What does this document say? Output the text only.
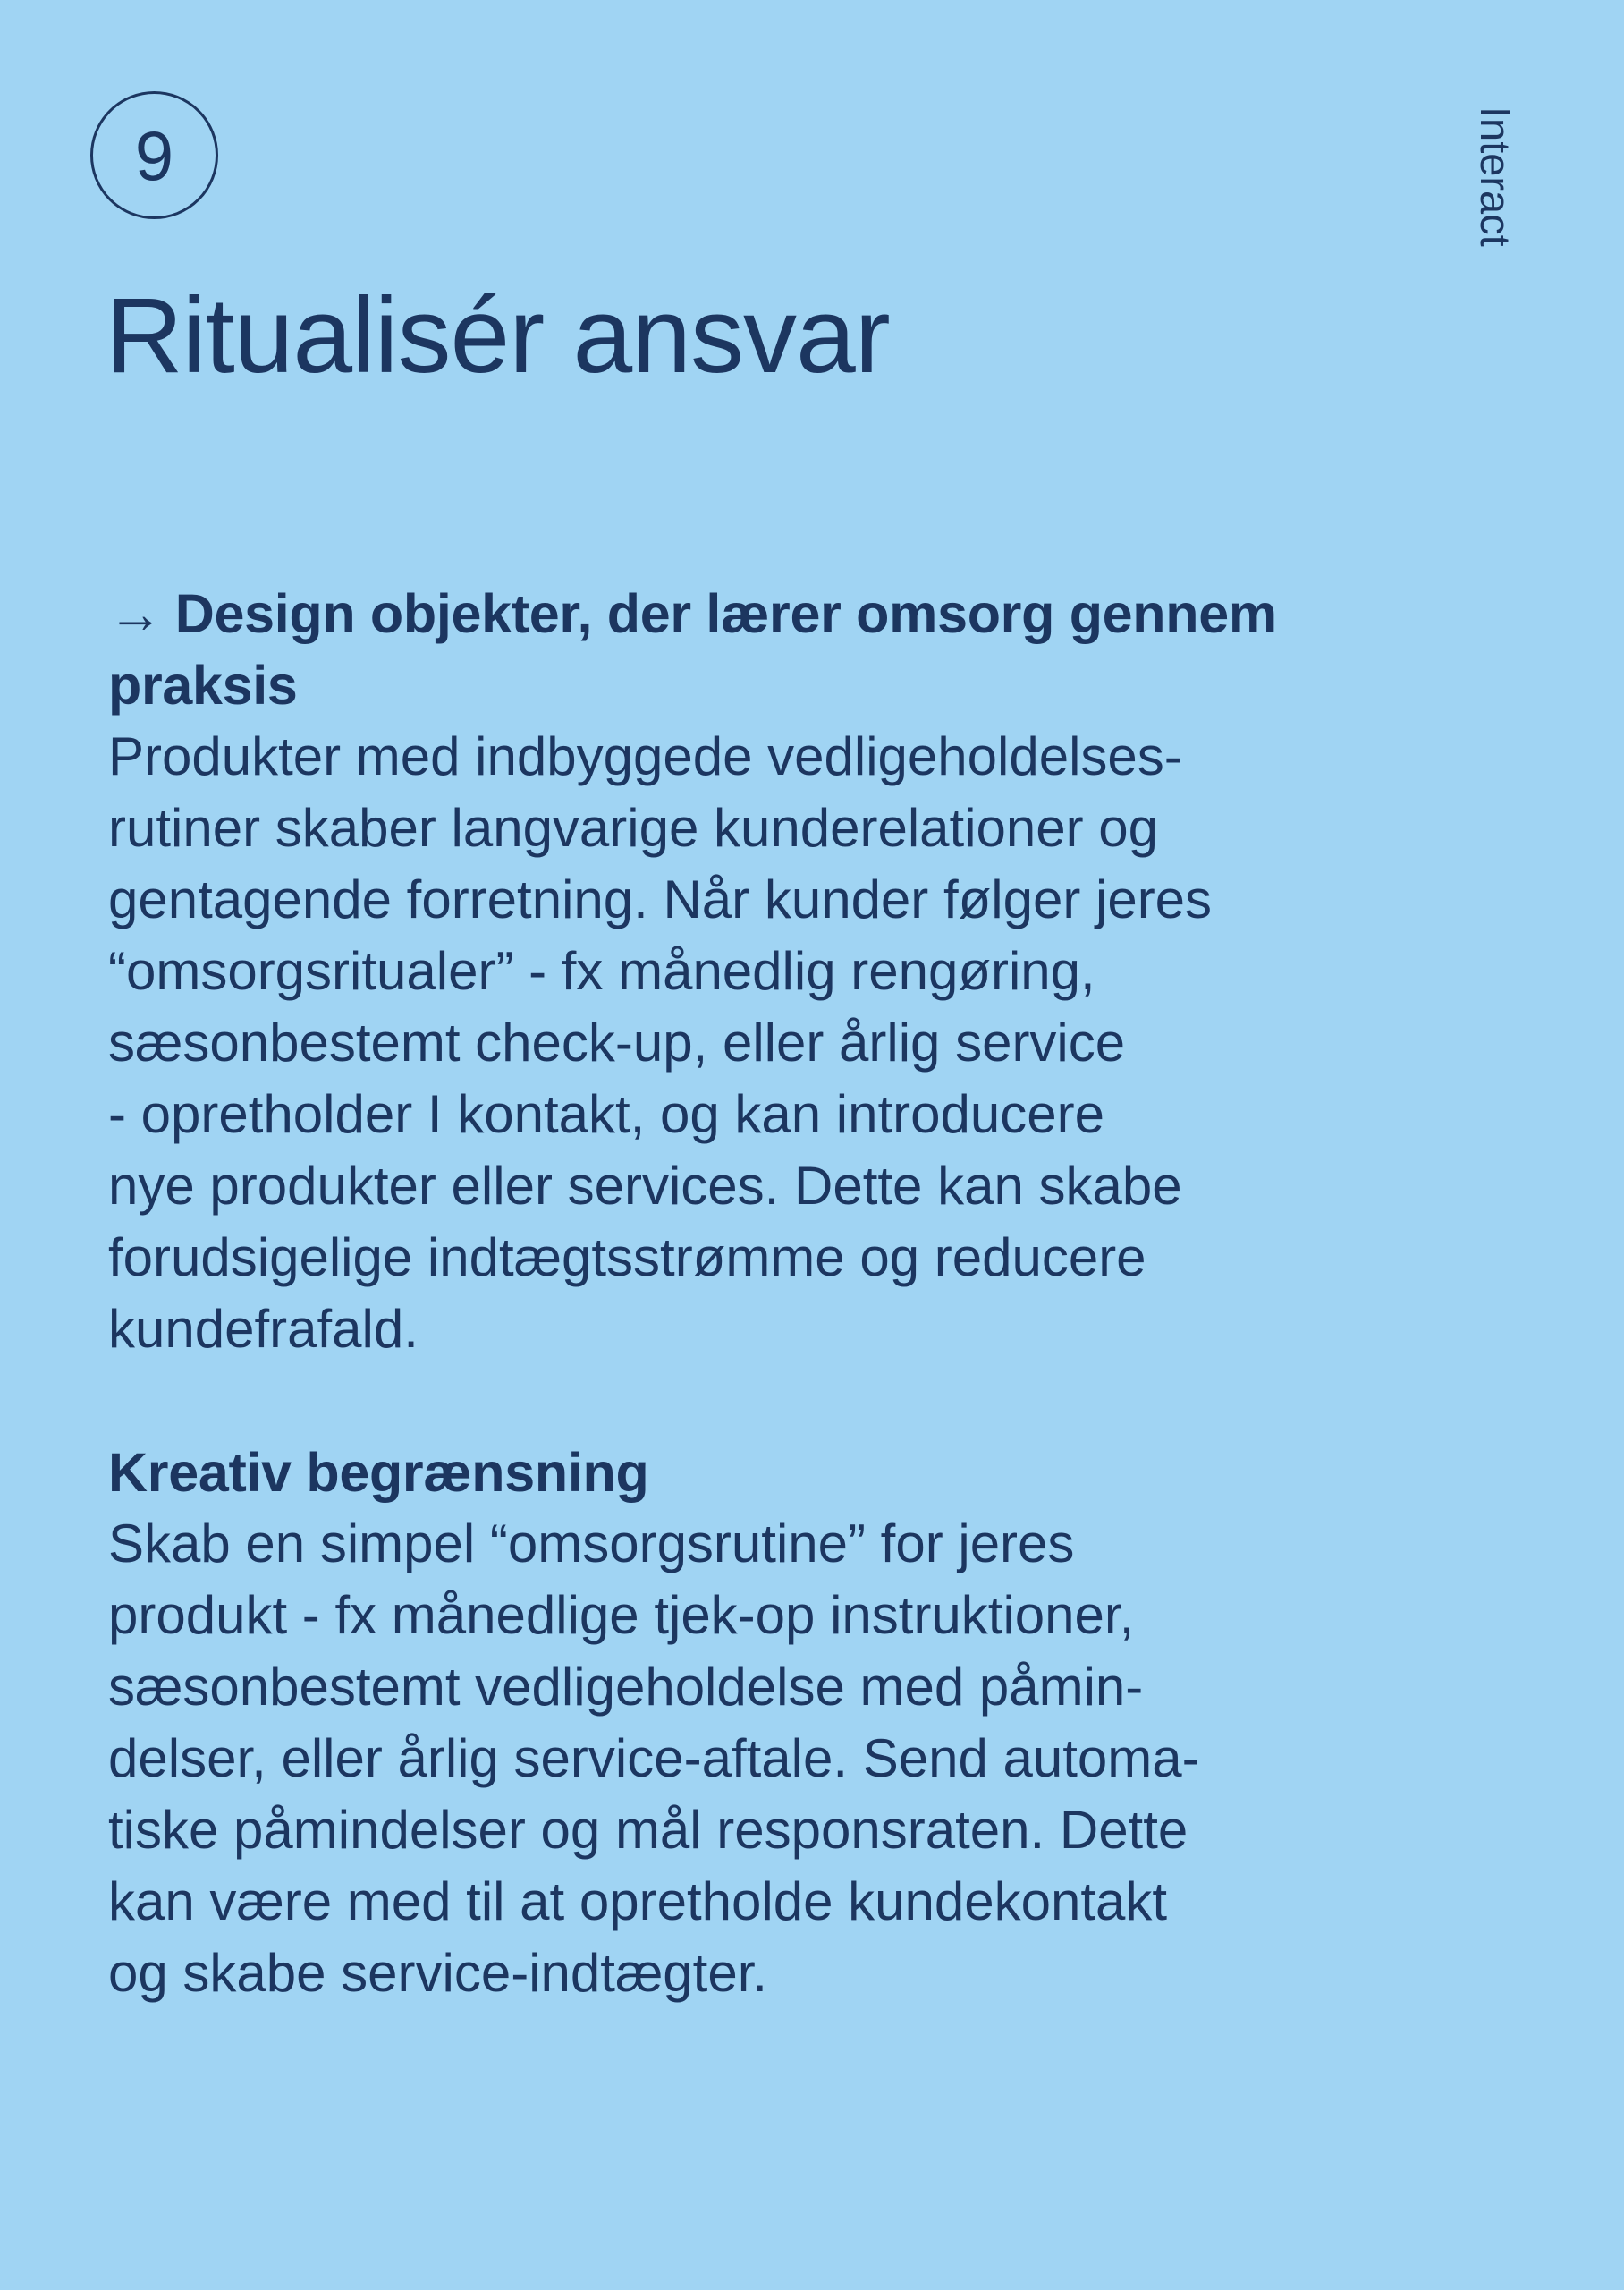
9	Interact
Ritualisér ansvar

→ Design objekter, der lærer omsorg gennem
praksis

Produkter med indbyggede vedligeholdelses-

rutiner skaber langvarige kunderelationer og

gentagende forretning. Når kunder følger jeres

“omsorgsritualer” - fx månedlig rengøring,

sæsonbestemt check-up, eller årlig service

- opretholder I kontakt, og kan introducere

nye produkter eller services. Dette kan skabe

forudsigelige indtægtsstrømme og reducere

kundefrafald.

Kreativ begrænsning

Skab en simpel “omsorgsrutine” for jeres

produkt - fx månedlige tjek-op instruktioner,

sæsonbestemt vedligeholdelse med påmin-

delser, eller årlig service-aftale. Send automa-

tiske påmindelser og mål responsraten. Dette

kan være med til at opretholde kundekontakt

og skabe service-indtægter.
